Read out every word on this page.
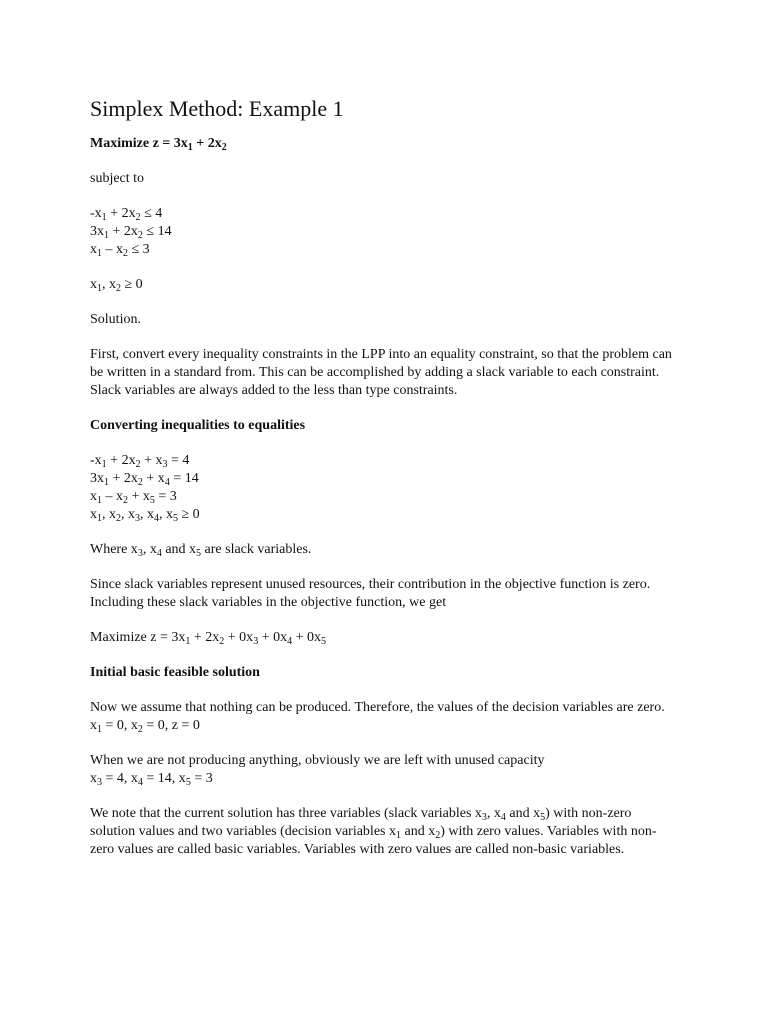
Simplex Method: Example 1

Maximize $z = 3x_1 + 2x_2$

subject to

$-x_1 + 2x_2 \le 4$
$3x_1 + 2x_2 \le 14$
$x_1 - x_2 \le 3$
$x_1$, $x_2 \ge 0$

Solution.

First, convert every inequality constraints in the LPP into an equality constraint, so that the problem can be written in a standard from. This can be accomplished by adding a slack variable to each constraint. Slack variables are always added to the less than type constraints.

Converting inequalities to equalities

$-x_1 + 2x_2 + x_3 = 4$
$3x_1 + 2x_2 + x_4 = 14$
$x_1 - x_2 + x_5 = 3$
$x_1$, $x_2$, $x_3$, $x_4$, $x_5 \ge 0$

Where $x_3$, $x_4$ and $x_5$ are slack variables.

Since slack variables represent unused resources, their contribution in the objective function is zero. Including these slack variables in the objective function, we get

Maximize $z = 3x_1 + 2x_2 + 0x_3 + 0x_4 + 0x_5$

Initial basic feasible solution

Now we assume that nothing can be produced. Therefore, the values of the decision variables are zero.
$x_1 = 0$, $x_2 = 0$, z = 0
When we are not producing anything, obviously we are left with unused capacity
$x_3 = 4$, $x_4 = 14$, $x_5 = 3$

We note that the current solution has three variables (slack variables $x_3$, $x_4$ and $x_5$) with non-zero solution values and two variables (decision variables $x_1$ and $x_2$) with zero values. Variables with non-zero values are called basic variables. Variables with zero values are called non-basic variables.
